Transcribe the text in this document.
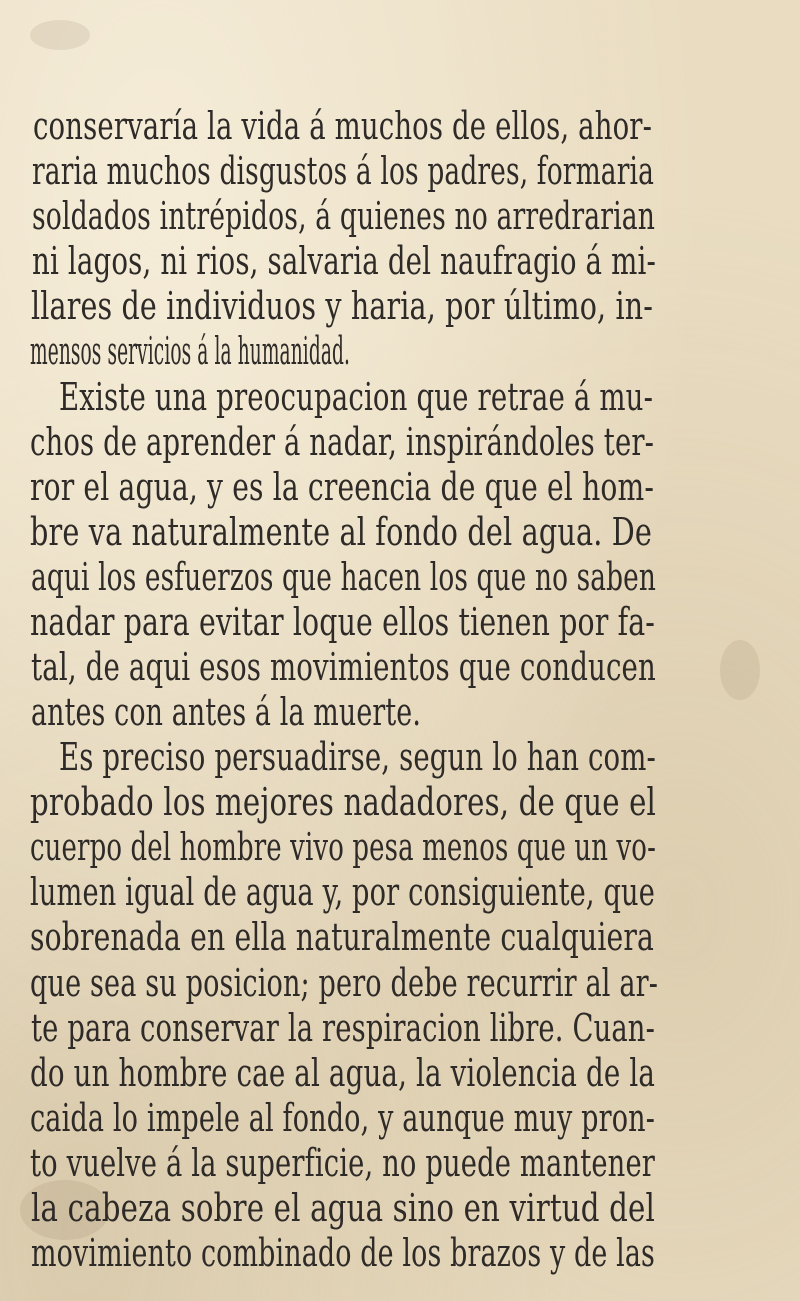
conservaría la vida á muchos de ellos, ahor-
raria muchos disgustos á los padres, formaria
soldados intrépidos, á quienes no arredrarian
ni lagos, ni rios, salvaria del naufragio á mi-
llares de individuos y haria, por último, in-
mensos servicios á la humanidad.
Existe una preocupacion que retrae á mu-
chos de aprender á nadar, inspirándoles ter-
ror el agua, y es la creencia de que el hom-
bre va naturalmente al fondo del agua. De
aqui los esfuerzos que hacen los que no saben
nadar para evitar loque ellos tienen por fa-
tal, de aqui esos movimientos que conducen
antes con antes á la muerte.
Es preciso persuadirse, segun lo han com-
probado los mejores nadadores, de que el
cuerpo del hombre vivo pesa menos que un vo-
lumen igual de agua y, por consiguiente, que
sobrenada en ella naturalmente cualquiera
que sea su posicion; pero debe recurrir al ar-
te para conservar la respiracion libre. Cuan-
do un hombre cae al agua, la violencia de la
caida lo impele al fondo, y aunque muy pron-
to vuelve á la superficie, no puede mantener
la cabeza sobre el agua sino en virtud del
movimiento combinado de los brazos y de las
